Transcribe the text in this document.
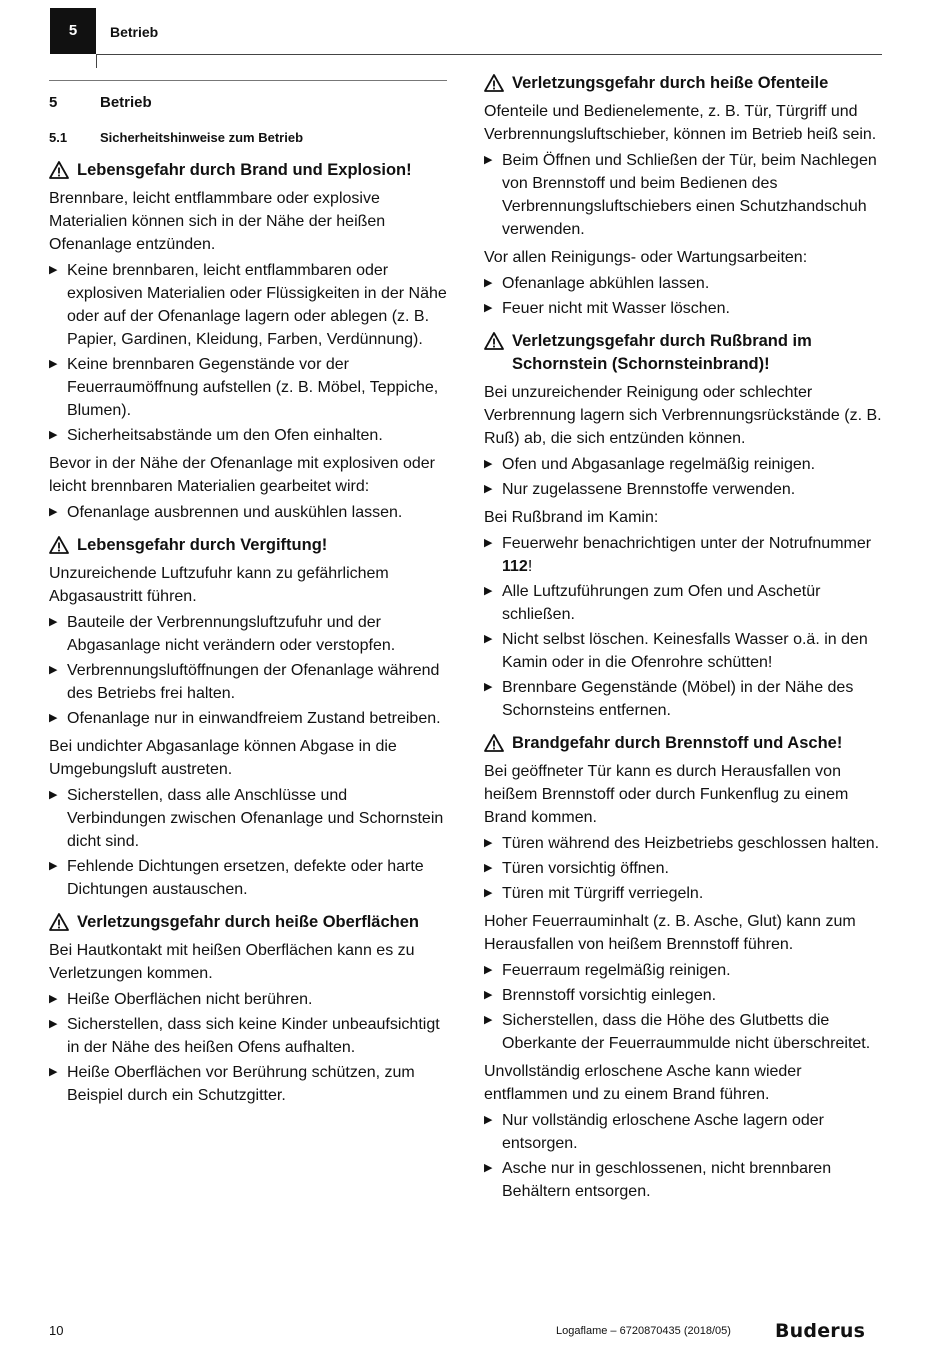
5	Betrieb
5	Betrieb
5.1	Sicherheitshinweise zum Betrieb
Lebensgefahr durch Brand und Explosion!

Brennbare, leicht entflammbare oder explosive Materialien können sich in der Nähe der heißen Ofenanlage entzünden.

▶ Keine brennbaren, leicht entflammbaren oder explosiven Materialien oder Flüssigkeiten in der Nähe oder auf der Ofenanlage lagern oder ablegen (z. B. Papier, Gardinen, Kleidung, Farben, Verdünnung).
▶ Keine brennbaren Gegenstände vor der Feuerraumöffnung aufstellen (z. B. Möbel, Teppiche, Blumen).
▶ Sicherheitsabstände um den Ofen einhalten.

Bevor in der Nähe der Ofenanlage mit explosiven oder leicht brennbaren Materialien gearbeitet wird:

▶ Ofenanlage ausbrennen und auskühlen lassen.
Lebensgefahr durch Vergiftung!

Unzureichende Luftzufuhr kann zu gefährlichem Abgasaustritt führen.

▶ Bauteile der Verbrennungsluftzufuhr und der Abgasanlage nicht verändern oder verstopfen.
▶ Verbrennungsluftöffnungen der Ofenanlage während des Betriebs frei halten.
▶ Ofenanlage nur in einwandfreiem Zustand betreiben.

Bei undichter Abgasanlage können Abgase in die Umgebungsluft austreten.

▶ Sicherstellen, dass alle Anschlüsse und Verbindungen zwischen Ofenanlage und Schornstein dicht sind.
▶ Fehlende Dichtungen ersetzen, defekte oder harte Dichtungen austauschen.
Verletzungsgefahr durch heiße Oberflächen

Bei Hautkontakt mit heißen Oberflächen kann es zu Verletzungen kommen.

▶ Heiße Oberflächen nicht berühren.
▶ Sicherstellen, dass sich keine Kinder unbeaufsichtigt in der Nähe des heißen Ofens aufhalten.
▶ Heiße Oberflächen vor Berührung schützen, zum Beispiel durch ein Schutzgitter.
Verletzungsgefahr durch heiße Ofenteile

Ofenteile und Bedienelemente, z. B. Tür, Türgriff und Verbrennungsluftschieber, können im Betrieb heiß sein.

▶ Beim Öffnen und Schließen der Tür, beim Nachlegen von Brennstoff und beim Bedienen des Verbrennungsluftschiebers einen Schutzhandschuh verwenden.

Vor allen Reinigungs- oder Wartungsarbeiten:

▶ Ofenanlage abkühlen lassen.
▶ Feuer nicht mit Wasser löschen.
Verletzungsgefahr durch Rußbrand im Schornstein (Schornsteinbrand)!

Bei unzureichender Reinigung oder schlechter Verbrennung lagern sich Verbrennungsrückstände (z. B. Ruß) ab, die sich entzünden können.

▶ Ofen und Abgasanlage regelmäßig reinigen.
▶ Nur zugelassene Brennstoffe verwenden.

Bei Rußbrand im Kamin:

▶ Feuerwehr benachrichtigen unter der Notrufnummer 112!
▶ Alle Luftzuführungen zum Ofen und Aschetür schließen.
▶ Nicht selbst löschen. Keinesfalls Wasser o.ä. in den Kamin oder in die Ofenrohre schütten!
▶ Brennbare Gegenstände (Möbel) in der Nähe des Schornsteins entfernen.
Brandgefahr durch Brennstoff und Asche!

Bei geöffneter Tür kann es durch Herausfallen von heißem Brennstoff oder durch Funkenflug zu einem Brand kommen.

▶ Türen während des Heizbetriebs geschlossen halten.
▶ Türen vorsichtig öffnen.
▶ Türen mit Türgriff verriegeln.

Hoher Feuerrauminhalt (z. B. Asche, Glut) kann zum Herausfallen von heißem Brennstoff führen.

▶ Feuerraum regelmäßig reinigen.
▶ Brennstoff vorsichtig einlegen.
▶ Sicherstellen, dass die Höhe des Glutbetts die Oberkante der Feuerraummulde nicht überschreitet.

Unvollständig erloschene Asche kann wieder entflammen und zu einem Brand führen.

▶ Nur vollständig erloschene Asche lagern oder entsorgen.
▶ Asche nur in geschlossenen, nicht brennbaren Behältern entsorgen.
10	Logaflame – 6720870435 (2018/05) Buderus
